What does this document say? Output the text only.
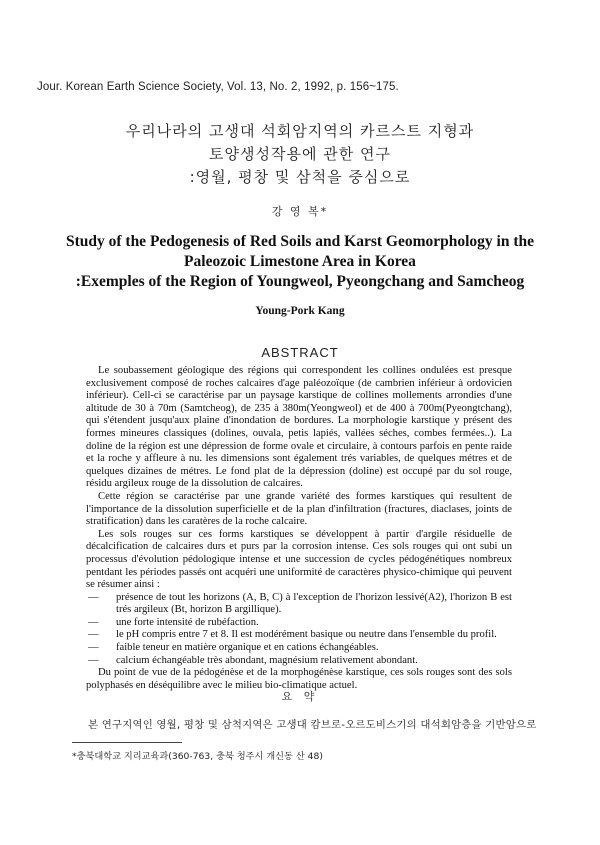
Jour. Korean Earth Science Society, Vol. 13, No. 2, 1992, p. 156~175.
우리나라의 고생대 석회암지역의 카르스트 지형과
토양생성작용에 관한 연구
:영월, 평창 및 삼척을 중심으로
강 영 복*
Study of the Pedogenesis of Red Soils and Karst Geomorphology in the
Paleozoic Limestone Area in Korea
:Exemples of the Region of Youngweol, Pyeongchang and Samcheog
Young-Pork Kang
ABSTRACT

Le soubassement géologique des régions qui correspondent les collines ondulées est presque exclusivement composé de roches calcaires d'age paléozoïque (de cambrien inférieur à ordovicien inférieur). Cell-ci se caractérise par un paysage karstique de collines mollements arrondies d'une altitude de 30 à 70m (Samtcheog), de 235 à 380m(Yeongweol) et de 400 à 700m(Pyeongtchang), qui s'étendent jusqu'aux plaine d'inondation de bordures. La morphologie karstique y présent des formes mineures classiques (dolines, ouvala, petis lapiés, vallées séches, combes fermées..). La doline de la région est une dépression de forme ovale et circulaire, à contours parfois en pente raide et la roche y affleure à nu. les dimensions sont également trés variables, de quelques métres et de quelques dizaines de métres. Le fond plat de la dépression (doline) est occupé par du sol rouge, résidu argileux rouge de la dissolution de calcaires.

Cette région se caractérise par une grande variété des formes karstiques qui resultent de l'importance de la dissolution superficielle et de la plan d'infiltration (fractures, diaclases, joints de stratification) dans les caratères de la roche calcaire.

Les sols rouges sur ces forms karstiques se développent à partir d'argile résiduelle de décalcification de calcaires durs et purs par la corrosion intense. Ces sols rouges qui ont subi un processus d'évolution pédologique intense et une succession de cycles pédogénétiques nombreux pentdant les périodes passés ont acquéri une uniformité de caractères physico-chimique qui peuvent se résumer ainsi :

— présence de tout les horizons (A, B, C) à l'exception de l'horizon lessivé(A2), l'horizon B est trés argileux (Bt, horizon B argillique).
— une forte intensité de rubéfaction.
— le pH compris entre 7 et 8. Il est modérément basique ou neutre dans l'ensemble du profil.
— faible teneur en matière organique et en cations échangéables.
— calcium échangéable très abondant, magnésium relativement abondant.

Du point de vue de la pédogénèse et de la morphogénèse karstique, ces sols rouges sont des sols polyphasés en déséquilibre avec le milieu bio-climatique actuel.

요 약
본 연구지역인 영월, 평창 및 삼척지역은 고생대 캄브로-오르도비스기의 대석회암층을 기반암으로
*충북대학교 지리교육과(360-763, 충북 청주시 개신동 산 48)
